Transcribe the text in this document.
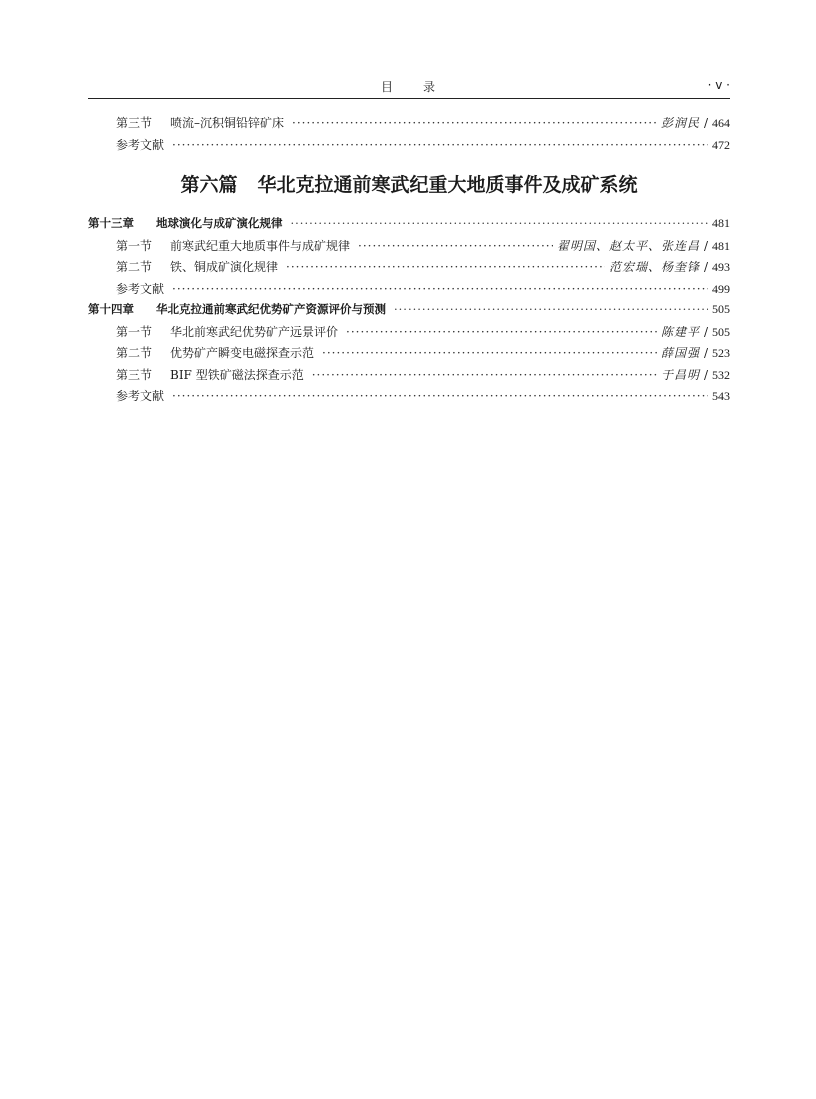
目　　录	· v ·
第三节	喷流–沉积铜铅锌矿床 ·····	彭润民 / 464
参考文献 ·····	472
第六篇 华北克拉通前寒武纪重大地质事件及成矿系统
第十三章	地球演化与成矿演化规律 ·····	481
第一节	前寒武纪重大地质事件与成矿规律 ·····	翟明国、赵太平、张连昌 / 481
第二节	铁、铜成矿演化规律 ·····	范宏瑞、杨奎锋 / 493
参考文献 ·····	499
第十四章	华北克拉通前寒武纪优势矿产资源评价与预测 ·····	505
第一节	华北前寒武纪优势矿产远景评价 ·····	陈建平 / 505
第二节	优势矿产瞬变电磁探查示范 ·····	薛国强 / 523
第三节	BIF 型铁矿磁法探查示范 ·····	于昌明 / 532
参考文献 ·····	543
